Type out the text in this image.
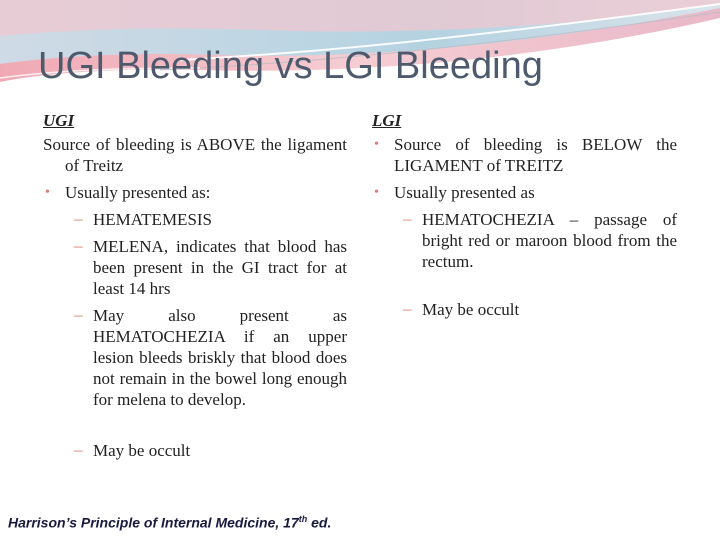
UGI Bleeding vs LGI Bleeding
UGI
Source of bleeding is ABOVE the ligament of Treitz
• Usually presented as:
– HEMATEMESIS
– MELENA, indicates that blood has been present in the GI tract for at least 14 hrs
– May also present as HEMATOCHEZIA if an upper lesion bleeds briskly that blood does not remain in the bowel long enough for melena to develop.
– May be occult
LGI
• Source of bleeding is BELOW the LIGAMENT of TREITZ
• Usually presented as
– HEMATOCHEZIA – passage of bright red or maroon blood from the rectum.
– May be occult
Harrison’s Principle of Internal Medicine, 17th ed.
